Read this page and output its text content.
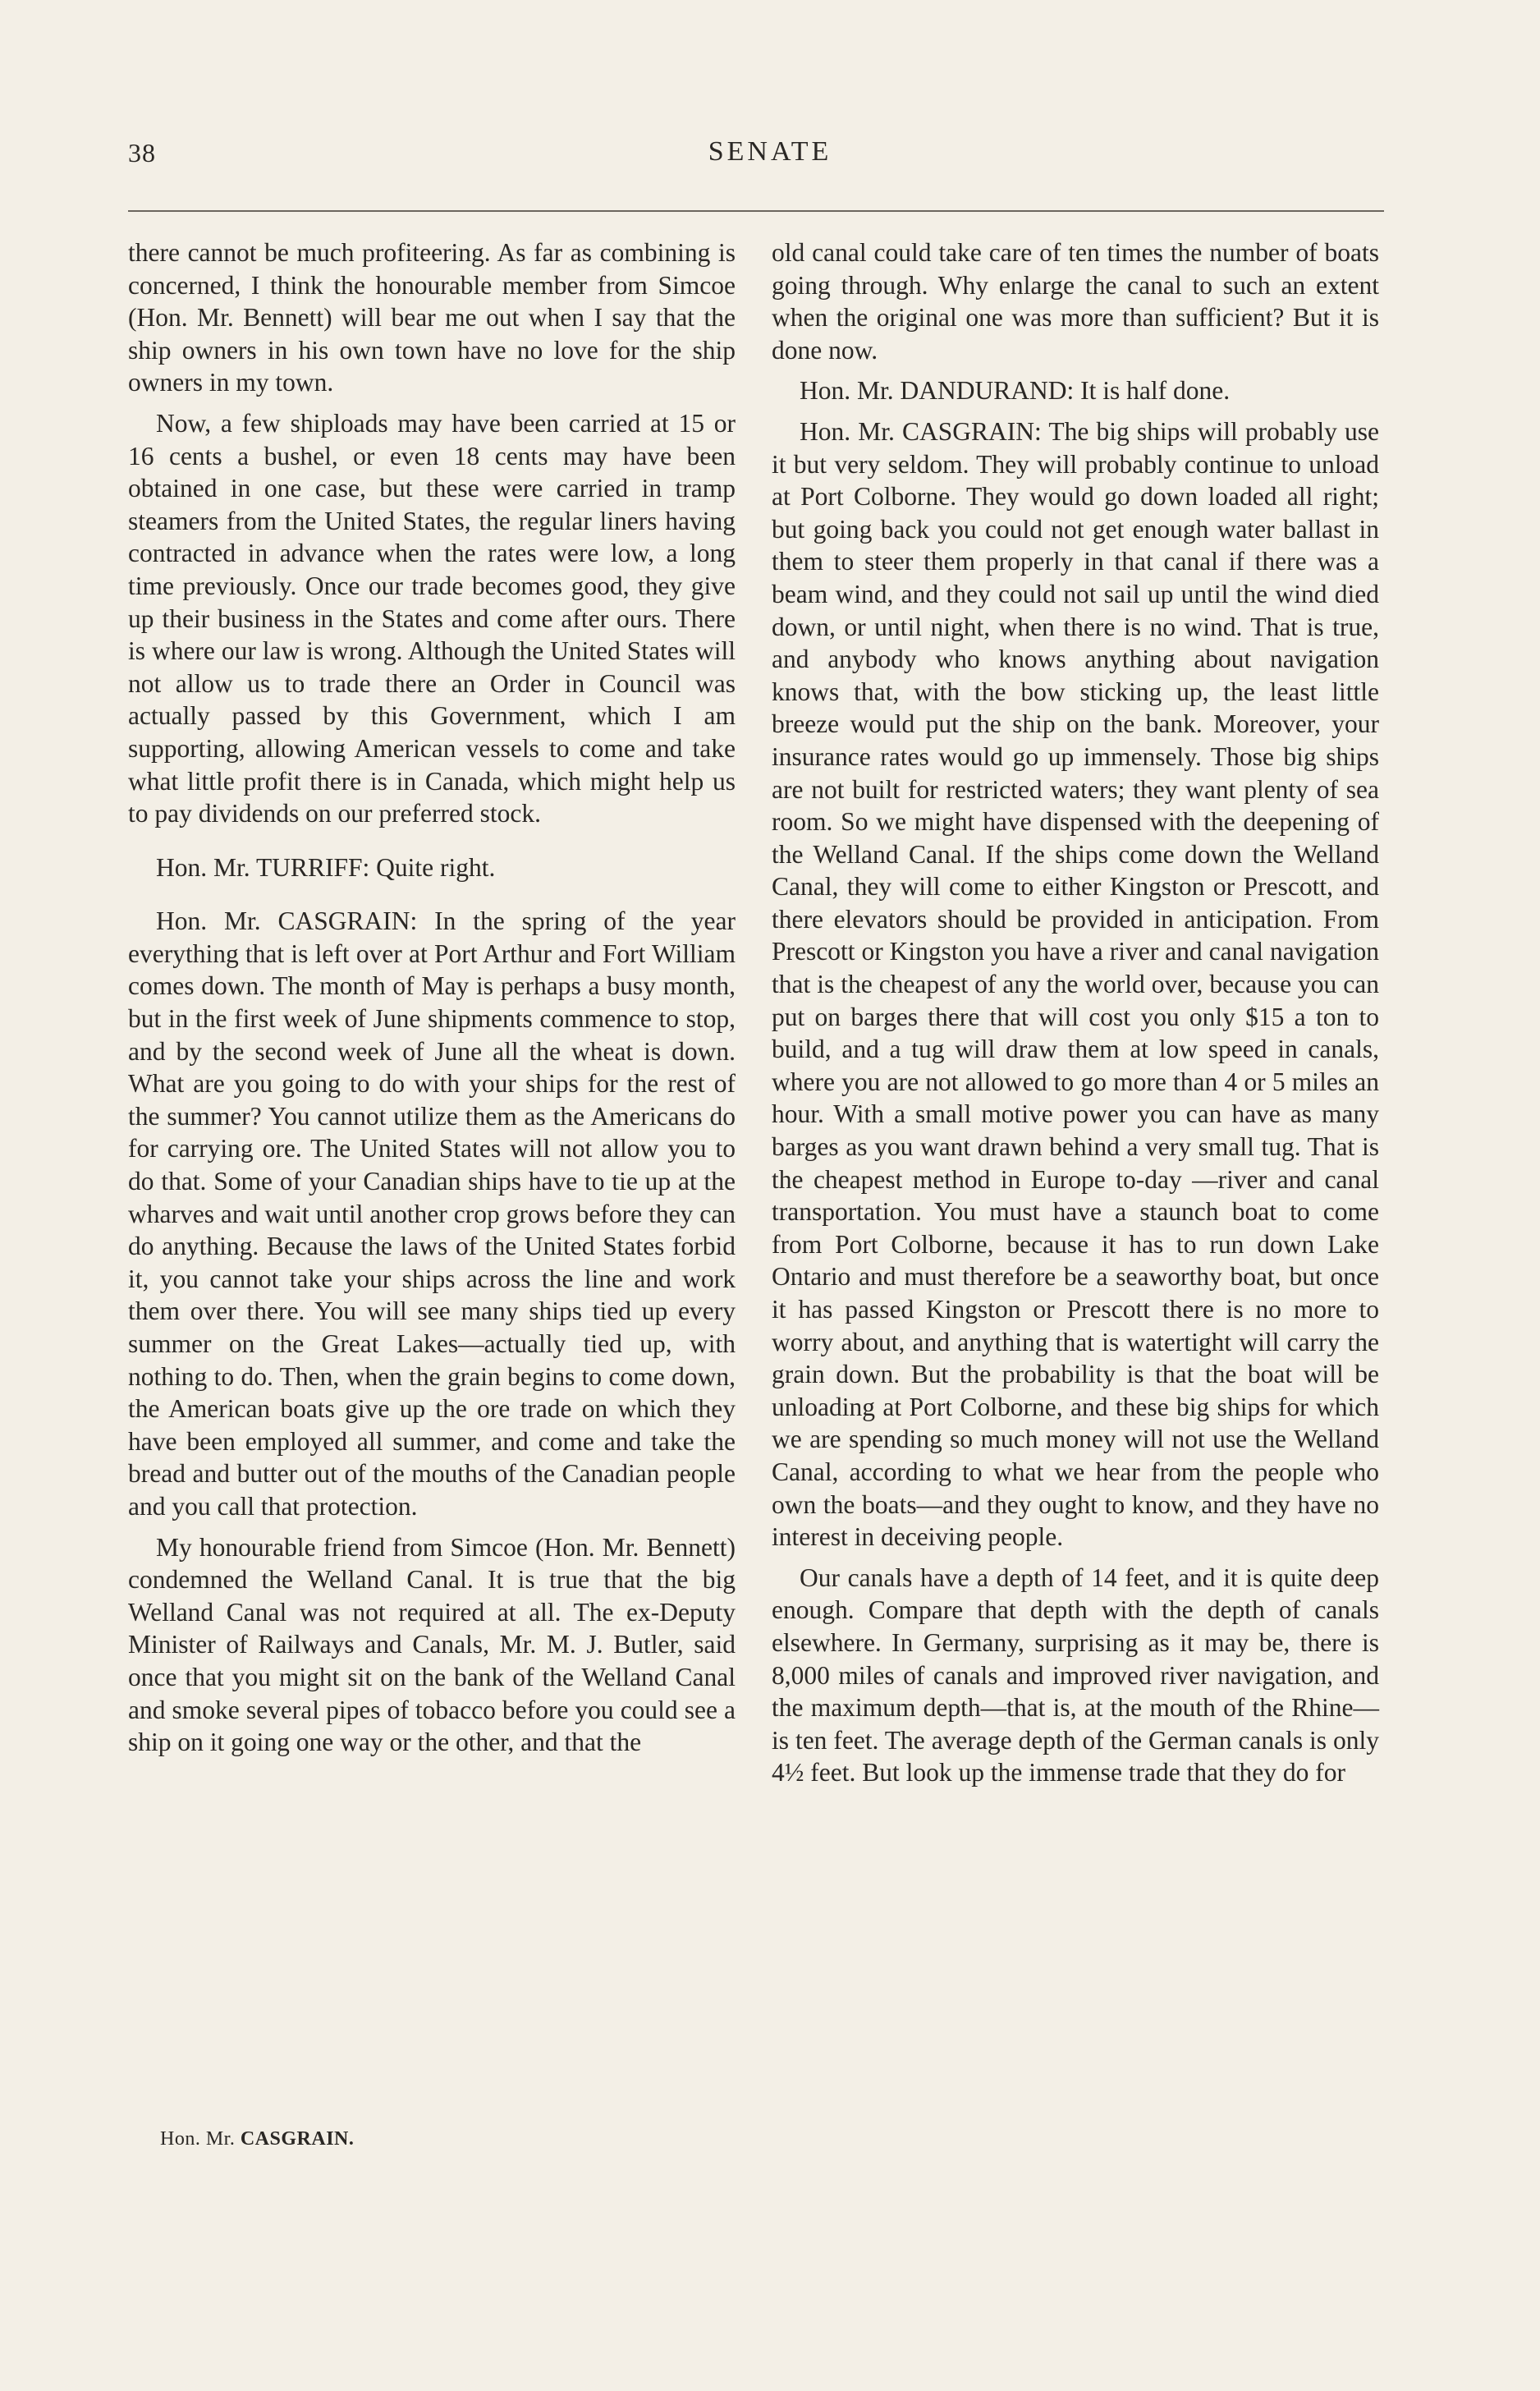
38	SENATE

there cannot be much profiteering. As far as combining is concerned, I think the honourable member from Simcoe (Hon. Mr. Bennett) will bear me out when I say that the ship owners in his own town have no love for the ship owners in my town.

Now, a few shiploads may have been carried at 15 or 16 cents a bushel, or even 18 cents may have been obtained in one case, but these were carried in tramp steamers from the United States, the regular liners having contracted in advance when the rates were low, a long time previously. Once our trade becomes good, they give up their business in the States and come after ours. There is where our law is wrong. Although the United States will not allow us to trade there an Order in Council was actually passed by this Government, which I am supporting, allowing American vessels to come and take what little profit there is in Canada, which might help us to pay dividends on our preferred stock.

Hon. Mr. TURRIFF: Quite right.

Hon. Mr. CASGRAIN: In the spring of the year everything that is left over at Port Arthur and Fort William comes down. The month of May is perhaps a busy month, but in the first week of June shipments commence to stop, and by the second week of June all the wheat is down. What are you going to do with your ships for the rest of the summer? You cannot utilize them as the Americans do for carrying ore. The United States will not allow you to do that. Some of your Canadian ships have to tie up at the wharves and wait until another crop grows before they can do anything. Because the laws of the United States forbid it, you cannot take your ships across the line and work them over there. You will see many ships tied up every summer on the Great Lakes—actually tied up, with nothing to do. Then, when the grain begins to come down, the American boats give up the ore trade on which they have been employed all summer, and come and take the bread and butter out of the mouths of the Canadian people and you call that protection.

My honourable friend from Simcoe (Hon. Mr. Bennett) condemned the Welland Canal. It is true that the big Welland Canal was not required at all. The ex-Deputy Minister of Railways and Canals, Mr. M. J. Butler, said once that you might sit on the bank of the Welland Canal and smoke several pipes of tobacco before you could see a ship on it going one way or the other, and that the

old canal could take care of ten times the number of boats going through. Why enlarge the canal to such an extent when the original one was more than sufficient? But it is done now.

Hon. Mr. DANDURAND: It is half done.

Hon. Mr. CASGRAIN: The big ships will probably use it but very seldom. They will probably continue to unload at Port Colborne. They would go down loaded all right; but going back you could not get enough water ballast in them to steer them properly in that canal if there was a beam wind, and they could not sail up until the wind died down, or until night, when there is no wind. That is true, and anybody who knows anything about navigation knows that, with the bow sticking up, the least little breeze would put the ship on the bank. Moreover, your insurance rates would go up immensely. Those big ships are not built for restricted waters; they want plenty of sea room. So we might have dispensed with the deepening of the Welland Canal. If the ships come down the Welland Canal, they will come to either Kingston or Prescott, and there elevators should be provided in anticipation. From Prescott or Kingston you have a river and canal navigation that is the cheapest of any the world over, because you can put on barges there that will cost you only $15 a ton to build, and a tug will draw them at low speed in canals, where you are not allowed to go more than 4 or 5 miles an hour. With a small motive power you can have as many barges as you want drawn behind a very small tug. That is the cheapest method in Europe to-day —river and canal transportation. You must have a staunch boat to come from Port Colborne, because it has to run down Lake Ontario and must therefore be a seaworthy boat, but once it has passed Kingston or Prescott there is no more to worry about, and anything that is watertight will carry the grain down. But the probability is that the boat will be unloading at Port Colborne, and these big ships for which we are spending so much money will not use the Welland Canal, according to what we hear from the people who own the boats—and they ought to know, and they have no interest in deceiving people.

Our canals have a depth of 14 feet, and it is quite deep enough. Compare that depth with the depth of canals elsewhere. In Germany, surprising as it may be, there is 8,000 miles of canals and improved river navigation, and the maximum depth—that is, at the mouth of the Rhine—is ten feet. The average depth of the German canals is only 4½ feet. But look up the immense trade that they do for

Hon. Mr. CASGRAIN.
